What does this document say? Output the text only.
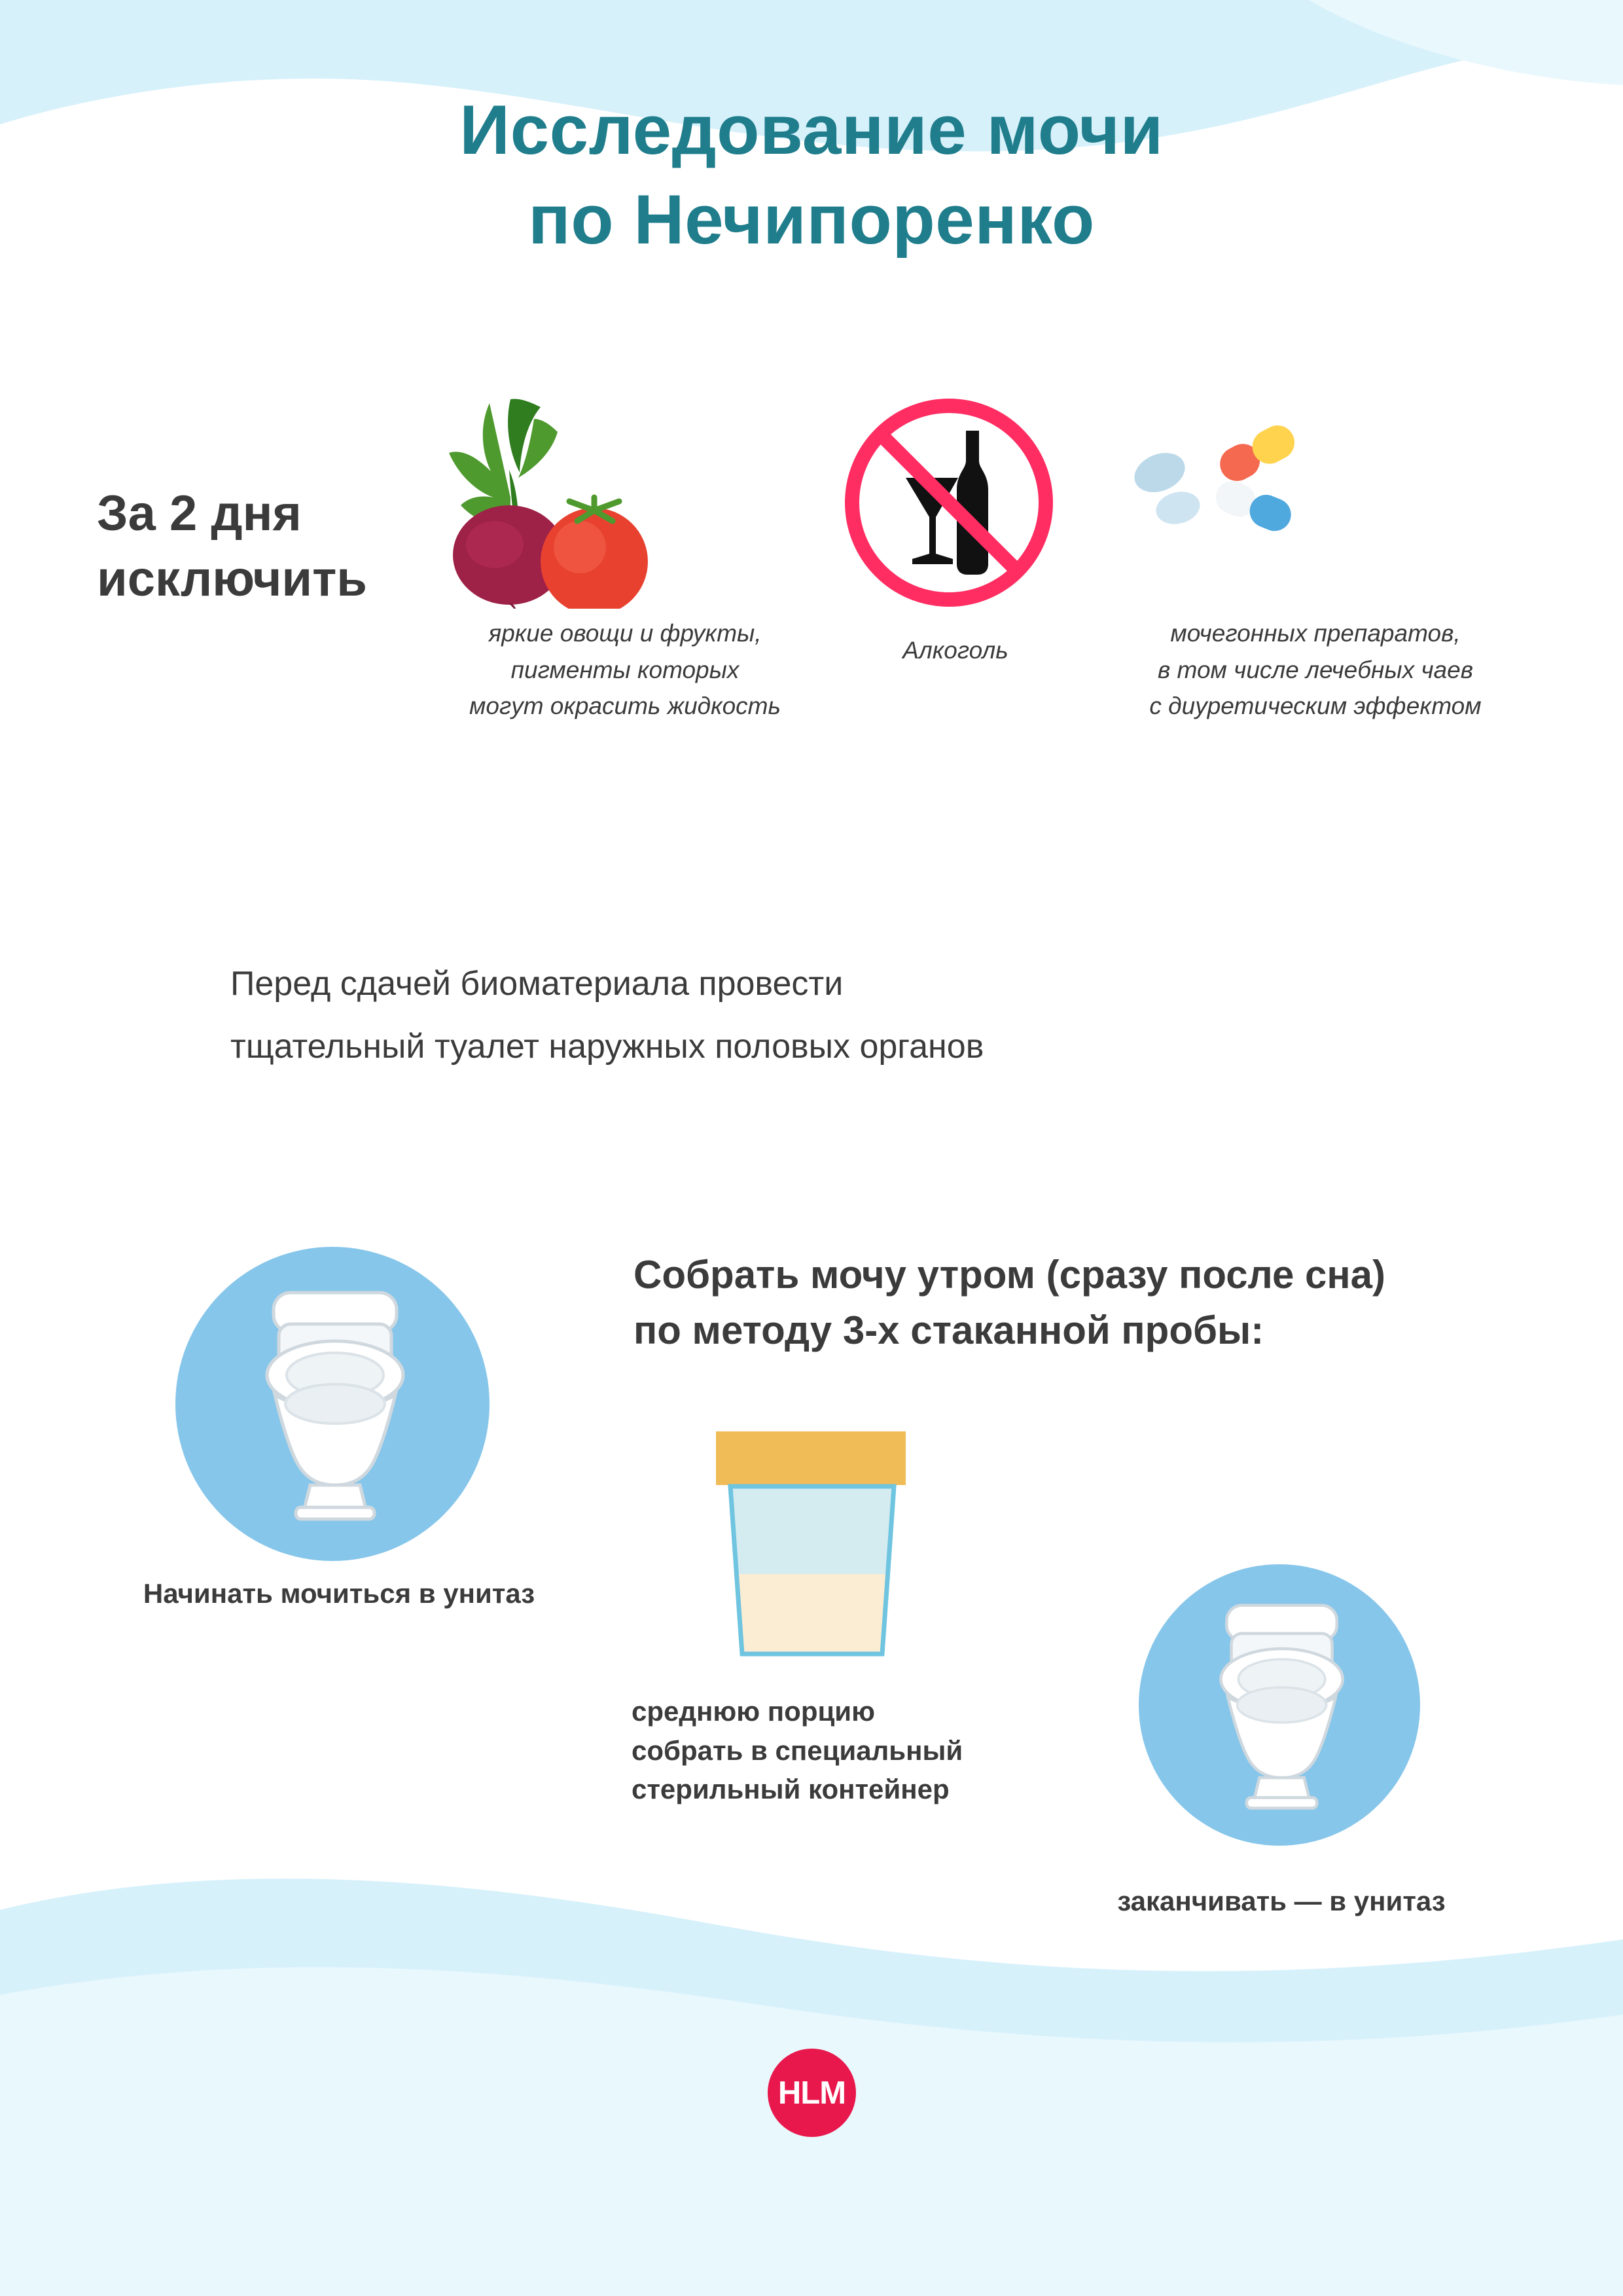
Исследование мочи
по Нечипоренко
За 2 дня
исключить
яркие овощи и фрукты,
пигменты которых
могут окрасить жидкость
Алкоголь
мочегонных препаратов,
в том числе лечебных чаев
с диуретическим эффектом
Перед сдачей биоматериала провести
тщательный туалет наружных половых органов
Собрать мочу утром (сразу после сна)
по методу 3-х стаканной пробы:
Начинать мочиться в унитаз
среднюю порцию
собрать в специальный
стерильный контейнер
заканчивать — в унитаз
HLM
